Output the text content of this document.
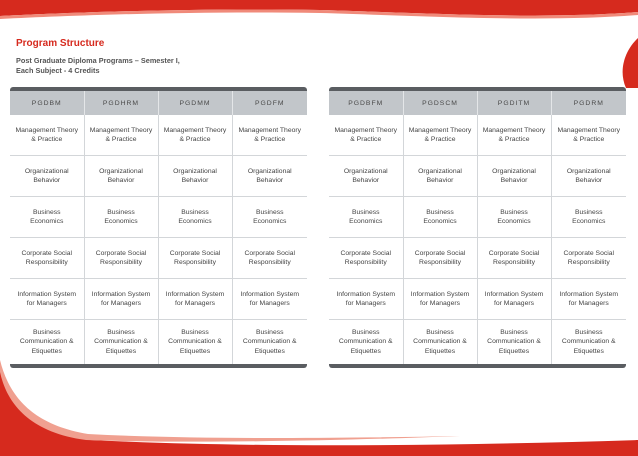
Program Structure
Post Graduate Diploma Programs – Semester I,
Each Subject - 4 Credits
PGDBM	PGDHRM	PGDMM	PGDFM
Management Theory
& Practice	Management Theory
& Practice	Management Theory
& Practice	Management Theory
& Practice
Organizational
Behavior	Organizational
Behavior	Organizational
Behavior	Organizational
Behavior
Business
Economics	Business
Economics	Business
Economics	Business
Economics
Corporate Social
Responsibility	Corporate Social
Responsibility	Corporate Social
Responsibility	Corporate Social
Responsibility
Information System
for Managers	Information System
for Managers	Information System
for Managers	Information System
for Managers
Business
Communication &
Etiquettes	Business
Communication &
Etiquettes	Business
Communication &
Etiquettes	Business
Communication &
Etiquettes
PGDBFM	PGDSCM	PGDITM	PGDRM
Management Theory
& Practice	Management Theory
& Practice	Management Theory
& Practice	Management Theory
& Practice
Organizational
Behavior	Organizational
Behavior	Organizational
Behavior	Organizational
Behavior
Business
Economics	Business
Economics	Business
Economics	Business
Economics
Corporate Social
Responsibility	Corporate Social
Responsibility	Corporate Social
Responsibility	Corporate Social
Responsibility
Information System
for Managers	Information System
for Managers	Information System
for Managers	Information System
for Managers
Business
Communication &
Etiquettes	Business
Communication &
Etiquettes	Business
Communication &
Etiquettes	Business
Communication &
Etiquettes
